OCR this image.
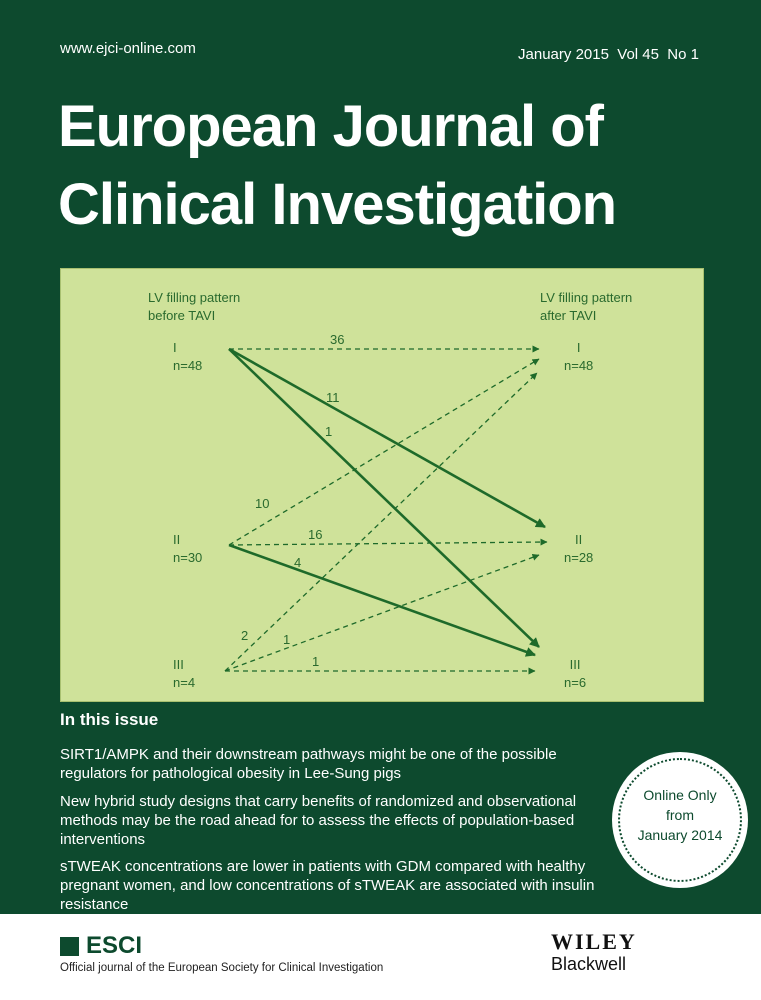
www.ejci-online.com	January 2015  Vol 45  No 1
European Journal of
Clinical Investigation
LV filling pattern
before TAVI
LV filling pattern
after TAVI
I
n=48
II
n=30
III
n=4
I
n=48
II
n=28
III
n=6
36
11
1
10
16
4
2	1
1
In this issue
SIRT1/AMPK and their downstream pathways might be one of the possible regulators for pathological obesity in Lee-Sung pigs
New hybrid study designs that carry benefits of randomized and observational methods may be the road ahead for to assess the effects of population-based interventions
sTWEAK concentrations are lower in patients with GDM compared with healthy pregnant women, and low concentrations of sTWEAK are associated with insulin resistance
Online Only
from
January 2014
ESCI
Official journal of the European Society for Clinical Investigation
WILEY
Blackwell
